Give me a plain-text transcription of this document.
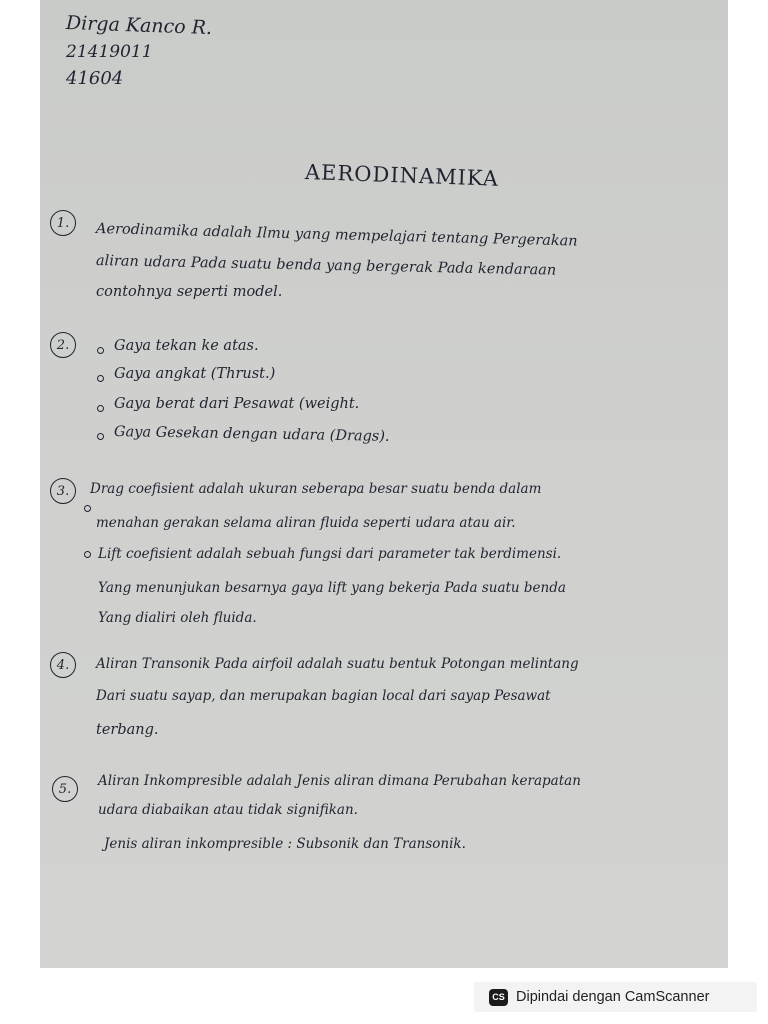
Dirga Kanco R.
21419011
41604
AERODINAMIKA
1.	Aerodinamika adalah Ilmu yang mempelajari tentang Pergerakan
aliran udara Pada suatu benda yang bergerak Pada kendaraan
contohnya seperti model.
2.	Gaya tekan ke atas.
Gaya angkat (Thrust.)
Gaya berat dari Pesawat (weight.
Gaya Gesekan dengan udara (Drags).
3.	Drag coefisient adalah ukuran seberapa besar suatu benda dalam
menahan gerakan selama aliran fluida seperti udara atau air.
Lift coefisient adalah sebuah fungsi dari parameter tak berdimensi.
Yang menunjukan besarnya gaya lift yang bekerja Pada suatu benda
Yang dialiri oleh fluida.
4.	Aliran Transonik Pada airfoil adalah suatu bentuk Potongan melintang
Dari suatu sayap, dan merupakan bagian local dari sayap Pesawat
terbang.
5.	Aliran Inkompresible adalah Jenis aliran dimana Perubahan kerapatan
udara diabaikan atau tidak signifikan.
Jenis aliran inkompresible : Subsonik dan Transonik.
CS Dipindai dengan CamScanner
